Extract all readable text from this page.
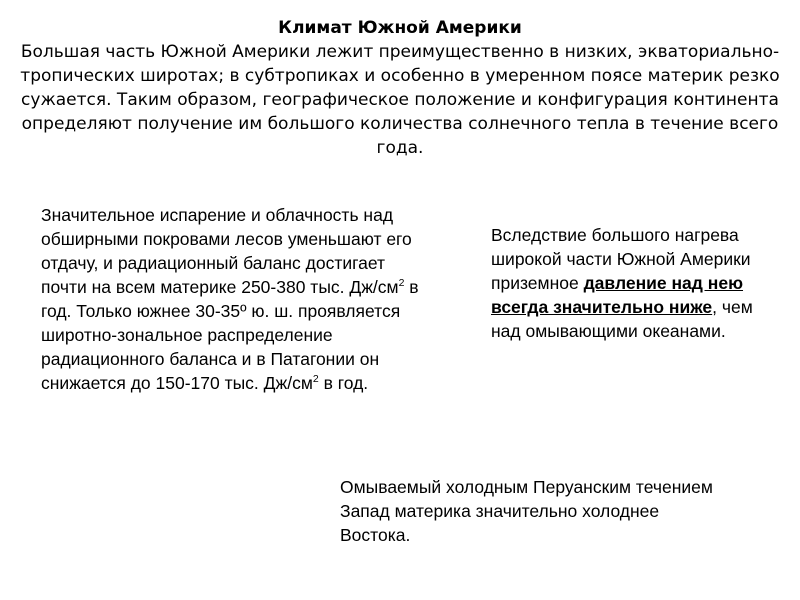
Климат Южной Америки
Большая часть Южной Америки лежит преимущественно в низких, экваториально-тропических широтах; в субтропиках и особенно в умеренном поясе материк резко сужается. Таким образом, географическое положение и конфигурация континента определяют получение им большого количества солнечного тепла в течение всего года.
Значительное испарение и облачность над обширными покровами лесов уменьшают его отдачу, и радиационный баланс достигает почти на всем материке 250-380 тыс. $Дж/см^2$ в год. Только южнее 30-35º ю. ш. проявляется широтно-зональное распределение радиационного баланса и в Патагонии он снижается до 150-170 тыс. $Дж/см^2$ в год.
Вследствие большого нагрева широкой части Южной Америки приземное давление над нею всегда значительно ниже, чем над омывающими океанами.
Омываемый холодным Перуанским течением Запад материка значительно холоднее Востока.
